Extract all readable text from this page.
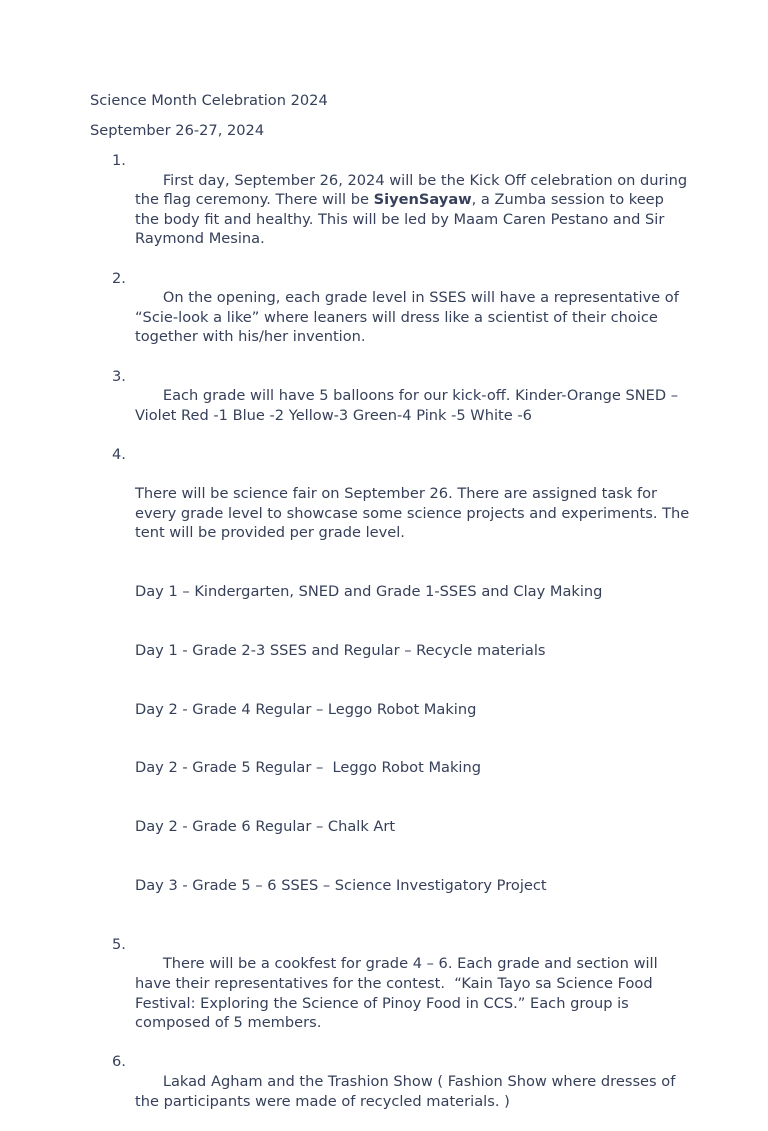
Science Month Celebration 2024

September 26-27, 2024

1.
First day, September 26, 2024 will be the Kick Off celebration on during the flag ceremony. There will be SiyenSayaw, a Zumba session to keep the body fit and healthy. This will be led by Maam Caren Pestano and Sir Raymond Mesina.

2.
On the opening, each grade level in SSES will have a representative of “Scie-look a like” where leaners will dress like a scientist of their choice together with his/her invention.

3.
Each grade will have 5 balloons for our kick-off. Kinder-Orange SNED – Violet Red -1 Blue -2 Yellow-3 Green-4 Pink -5 White -6

4.
There will be science fair on September 26. There are assigned task for every grade level to showcase some science projects and experiments. The tent will be provided per grade level.

Day 1 – Kindergarten, SNED and Grade 1-SSES and Clay Making

Day 1 - Grade 2-3 SSES and Regular – Recycle materials

Day 2 - Grade 4 Regular – Leggo Robot Making

Day 2 - Grade 5 Regular –  Leggo Robot Making

Day 2 - Grade 6 Regular – Chalk Art

Day 3 - Grade 5 – 6 SSES – Science Investigatory Project

5.
There will be a cookfest for grade 4 – 6. Each grade and section will have their representatives for the contest.  “Kain Tayo sa Science Food Festival: Exploring the Science of Pinoy Food in CCS.” Each group is composed of 5 members.

6.
Lakad Agham and the Trashion Show ( Fashion Show where dresses of the participants were made of recycled materials. )
